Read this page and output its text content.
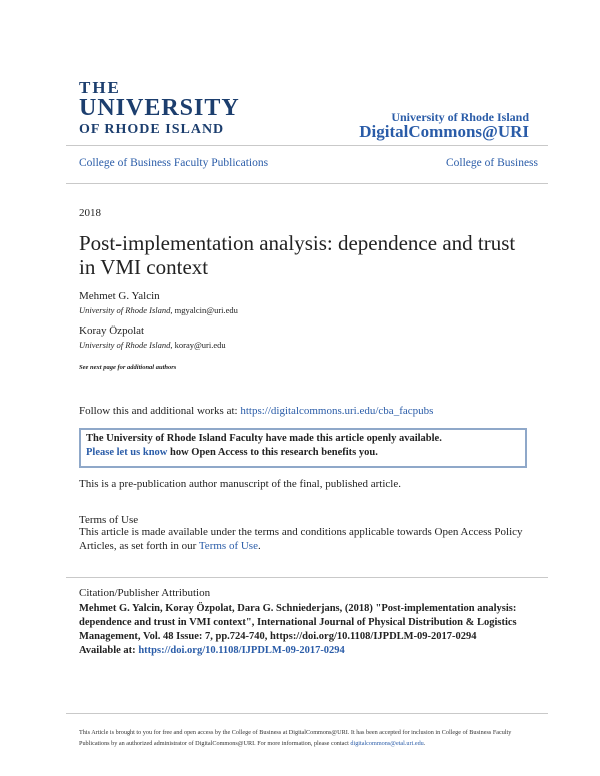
THE
UNIVERSITY
OF RHODE ISLAND
University of Rhode Island
DigitalCommons@URI
College of Business Faculty Publications	College of Business
2018
Post-implementation analysis: dependence and trust in VMI context
Mehmet G. Yalcin
University of Rhode Island, mgyalcin@uri.edu
Koray Özpolat
University of Rhode Island, koray@uri.edu
See next page for additional authors
Follow this and additional works at: https://digitalcommons.uri.edu/cba_facpubs
The University of Rhode Island Faculty have made this article openly available.
Please let us know how Open Access to this research benefits you.
This is a pre-publication author manuscript of the final, published article.
Terms of Use
This article is made available under the terms and conditions applicable towards Open Access Policy Articles, as set forth in our Terms of Use.
Citation/Publisher Attribution
Mehmet G. Yalcin, Koray Özpolat, Dara G. Schniederjans, (2018) "Post-implementation analysis: dependence and trust in VMI context", International Journal of Physical Distribution & Logistics Management, Vol. 48 Issue: 7, pp.724-740, https://doi.org/10.1108/IJPDLM-09-2017-0294
Available at: https://doi.org/10.1108/IJPDLM-09-2017-0294
This Article is brought to you for free and open access by the College of Business at DigitalCommons@URI. It has been accepted for inclusion in College of Business Faculty Publications by an authorized administrator of DigitalCommons@URI. For more information, please contact digitalcommons@etal.uri.edu.
